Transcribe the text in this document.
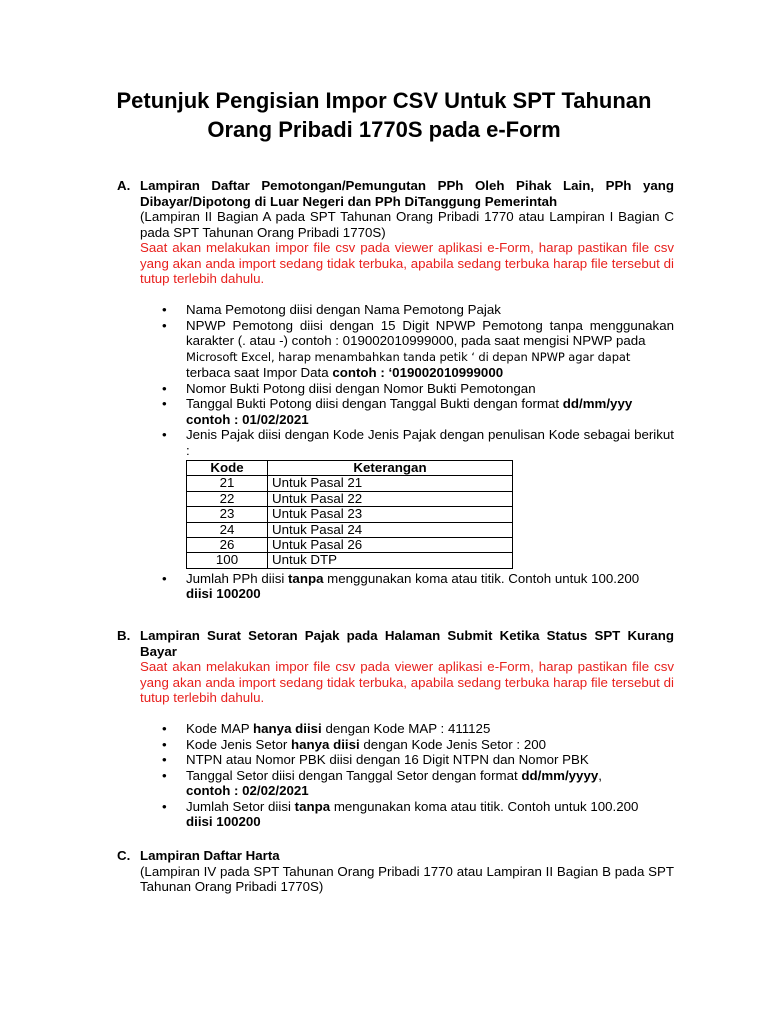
Petunjuk Pengisian Impor CSV Untuk SPT Tahunan
Orang Pribadi 1770S pada e-Form
A. Lampiran Daftar Pemotongan/Pemungutan PPh Oleh Pihak Lain, PPh yang Dibayar/Dipotong di Luar Negeri dan PPh DiTanggung Pemerintah
(Lampiran II Bagian A pada SPT Tahunan Orang Pribadi 1770 atau Lampiran I Bagian C pada SPT Tahunan Orang Pribadi 1770S)
Saat akan melakukan impor file csv pada viewer aplikasi e-Form, harap pastikan file csv yang akan anda import sedang tidak terbuka, apabila sedang terbuka harap file tersebut di tutup terlebih dahulu.
• Nama Pemotong diisi dengan Nama Pemotong Pajak
• NPWP Pemotong diisi dengan 15 Digit NPWP Pemotong tanpa menggunakan karakter (. atau -) contoh : 019002010999000, pada saat mengisi NPWP pada
Microsoft Excel, harap menambahkan tanda petik ‘ di depan NPWP agar dapat
terbaca saat Impor Data contoh : ‘019002010999000
• Nomor Bukti Potong diisi dengan Nomor Bukti Pemotongan
• Tanggal Bukti Potong diisi dengan Tanggal Bukti dengan format dd/mm/yyy
contoh : 01/02/2021
• Jenis Pajak diisi dengan Kode Jenis Pajak dengan penulisan Kode sebagai berikut :
Kode	Keterangan
21	Untuk Pasal 21
22	Untuk Pasal 22
23	Untuk Pasal 23
24	Untuk Pasal 24
26	Untuk Pasal 26
100	Untuk DTP
• Jumlah PPh diisi tanpa menggunakan koma atau titik. Contoh untuk 100.200
diisi 100200
B. Lampiran Surat Setoran Pajak pada Halaman Submit Ketika Status SPT Kurang Bayar
Saat akan melakukan impor file csv pada viewer aplikasi e-Form, harap pastikan file csv yang akan anda import sedang tidak terbuka, apabila sedang terbuka harap file tersebut di tutup terlebih dahulu.
• Kode MAP hanya diisi dengan Kode MAP : 411125
• Kode Jenis Setor hanya diisi dengan Kode Jenis Setor : 200
• NTPN atau Nomor PBK diisi dengan 16 Digit NTPN dan Nomor PBK
• Tanggal Setor diisi dengan Tanggal Setor dengan format dd/mm/yyyy,
contoh : 02/02/2021
• Jumlah Setor diisi tanpa mengunakan koma atau titik. Contoh untuk 100.200
diisi 100200
C. Lampiran Daftar Harta
(Lampiran IV pada SPT Tahunan Orang Pribadi 1770 atau Lampiran II Bagian B pada SPT Tahunan Orang Pribadi 1770S)
